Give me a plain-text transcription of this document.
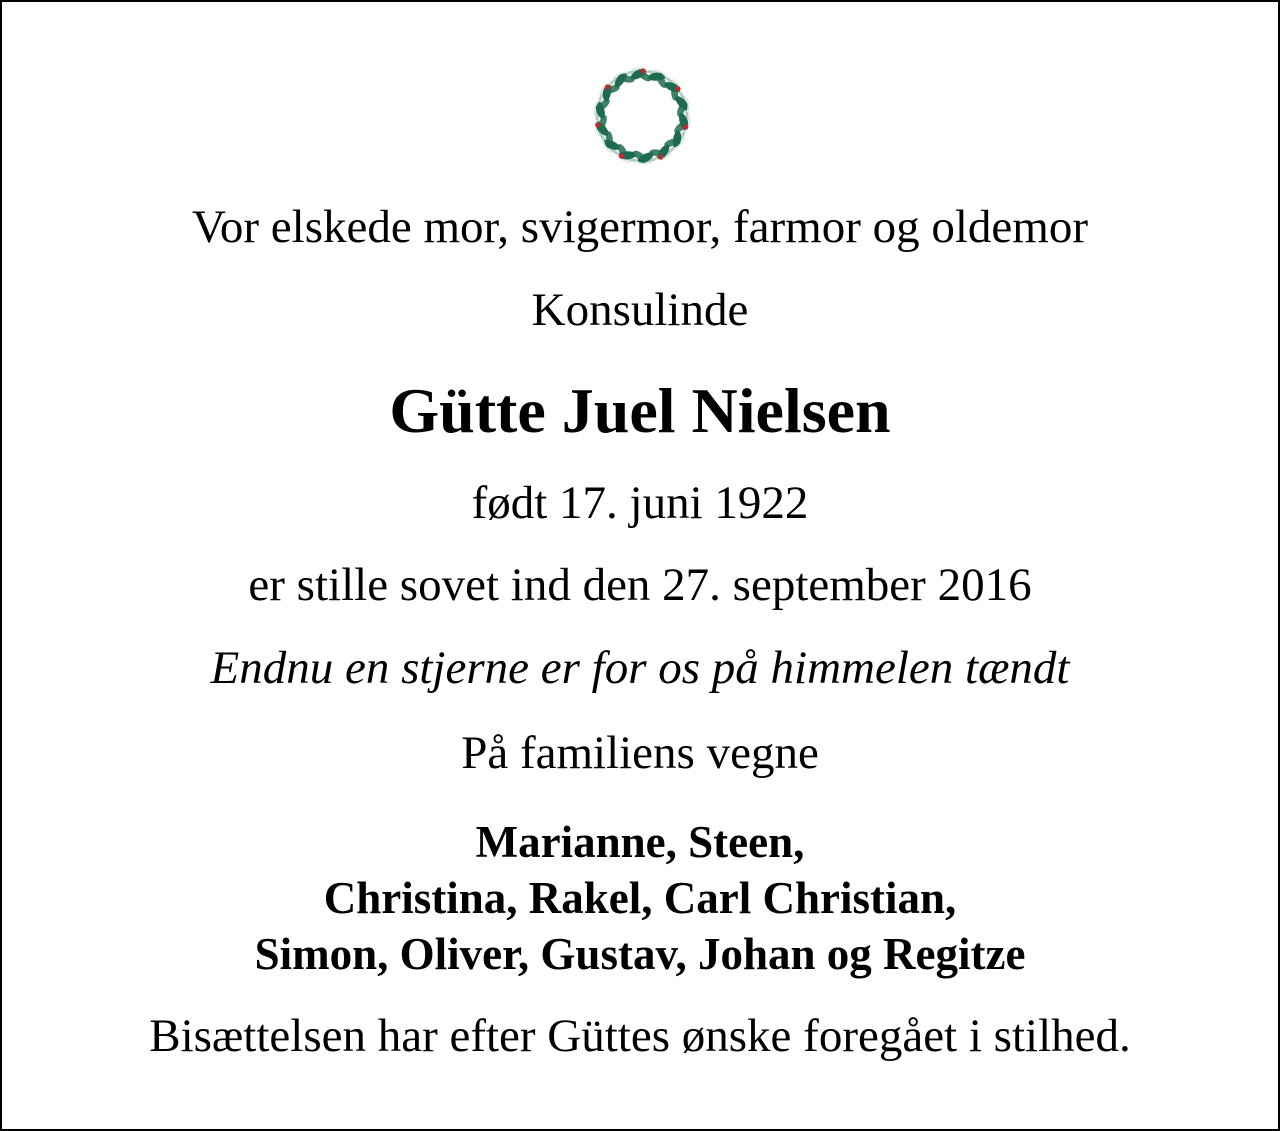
Vor elskede mor, svigermor, farmor og oldemor
Konsulinde
Gütte Juel Nielsen
født 17. juni 1922
er stille sovet ind den 27. september 2016
Endnu en stjerne er for os på himmelen tændt
På familiens vegne
Marianne, Steen,
Christina, Rakel, Carl Christian,
Simon, Oliver, Gustav, Johan og Regitze
Bisættelsen har efter Güttes ønske foregået i stilhed.
